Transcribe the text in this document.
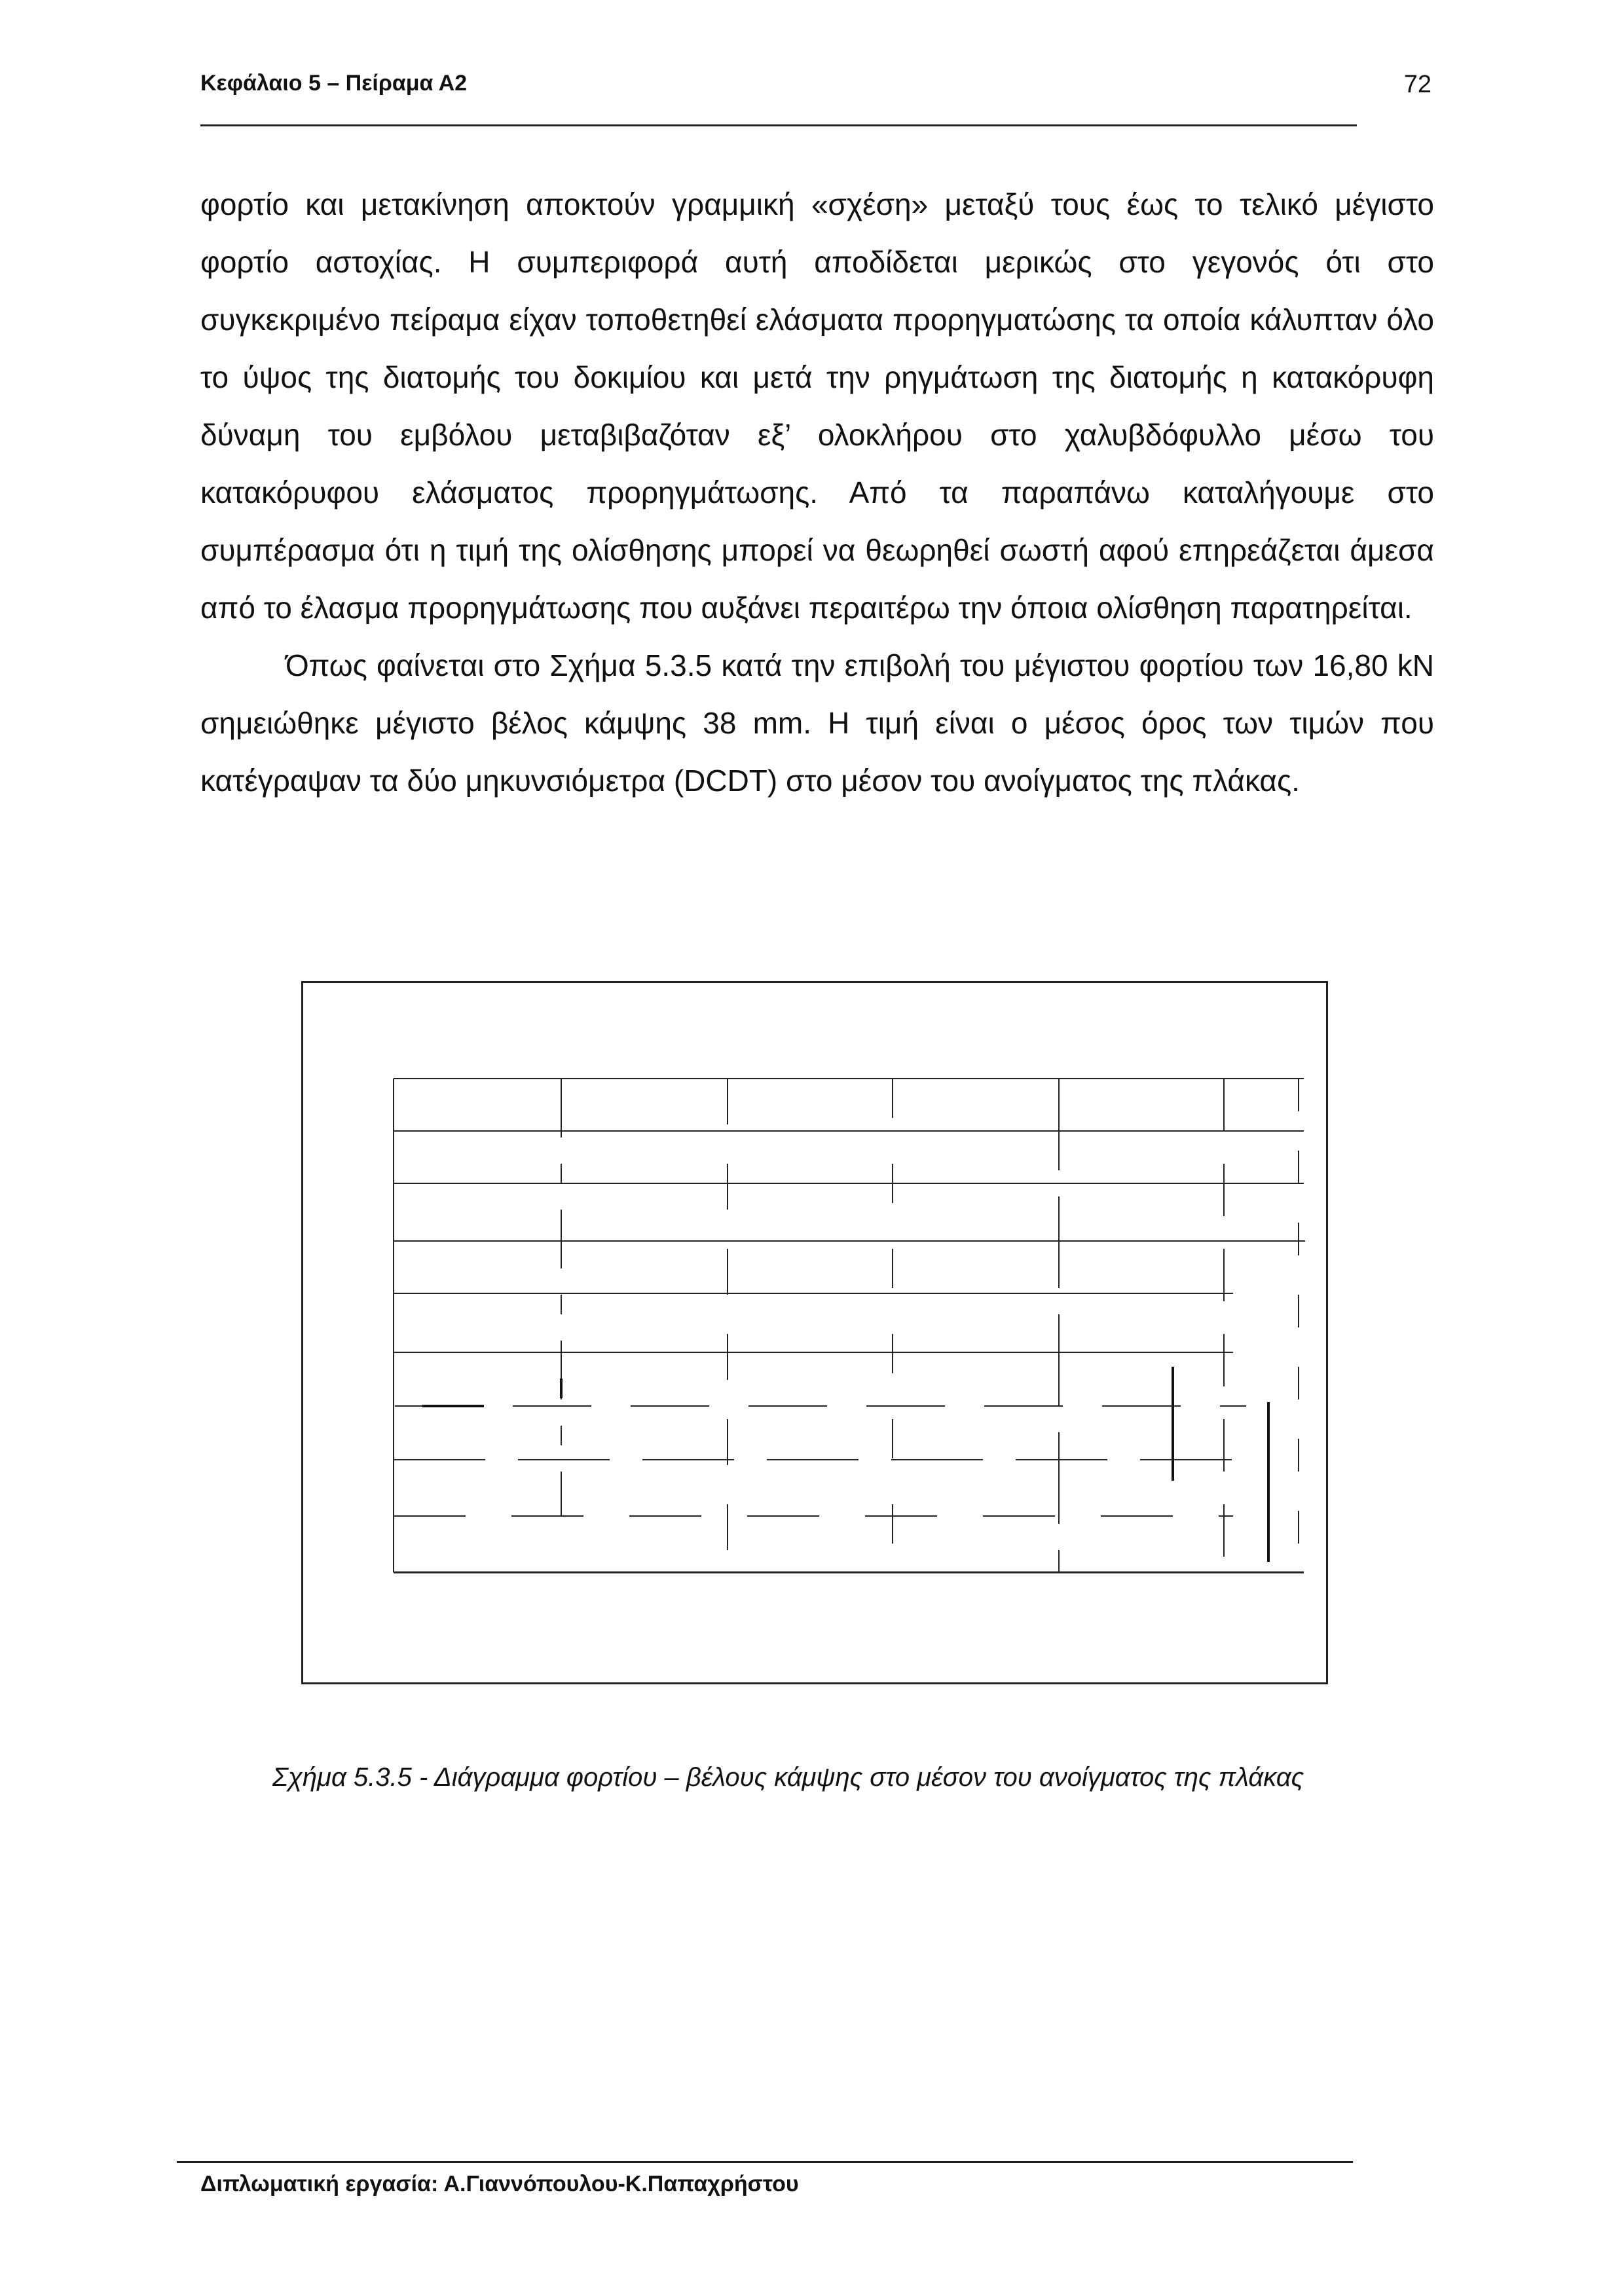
Κεφάλαιο 5 – Πείραμα Α2	72

φορτίο και μετακίνηση αποκτούν γραμμική «σχέση» μεταξύ τους έως το τελικό μέγιστο φορτίο αστοχίας. Η συμπεριφορά αυτή αποδίδεται μερικώς στο γεγονός ότι στο συγκεκριμένο πείραμα είχαν τοποθετηθεί ελάσματα προρηγματώσης τα οποία κάλυπταν όλο το ύψος της διατομής του δοκιμίου και μετά την ρηγμάτωση της διατομής η κατακόρυφη δύναμη του εμβόλου μεταβιβαζόταν εξ’ ολοκλήρου στο χαλυβδόφυλλο μέσω του κατακόρυφου ελάσματος προρηγμάτωσης. Από τα παραπάνω καταλήγουμε στο συμπέρασμα ότι η τιμή της ολίσθησης μπορεί να θεωρηθεί σωστή αφού επηρεάζεται άμεσα από το έλασμα προρηγμάτωσης που αυξάνει περαιτέρω την όποια ολίσθηση παρατηρείται.

Όπως φαίνεται στο Σχήμα 5.3.5 κατά την επιβολή του μέγιστου φορτίου των 16,80 kN σημειώθηκε μέγιστο βέλος κάμψης 38 mm. Η τιμή είναι ο μέσος όρος των τιμών που κατέγραψαν τα δύο μηκυνσιόμετρα (DCDT) στο μέσον του ανοίγματος της πλάκας.

Σχήμα 5.3.5 - Διάγραμμα φορτίου – βέλους κάμψης στο μέσον του ανοίγματος της πλάκας
Διπλωματική εργασία: Α.Γιαννόπουλου-Κ.Παπαχρήστου
